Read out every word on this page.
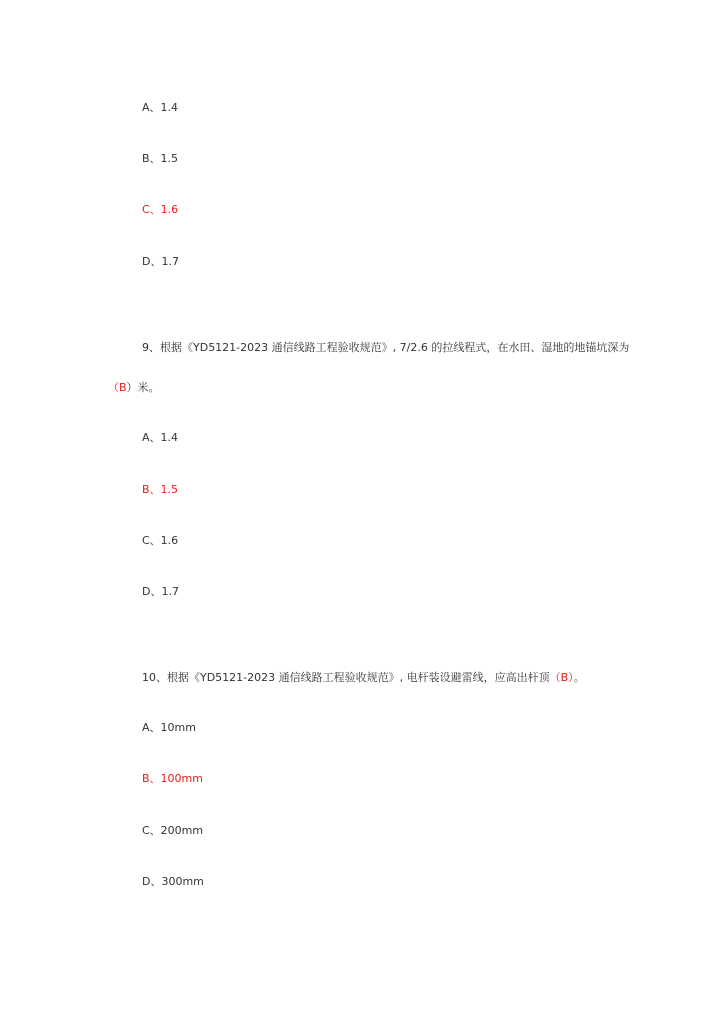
A、1.4
B、1.5
C、1.6
D、1.7
9、根据《YD5121-2023 通信线路工程验收规范》, 7/2.6 的拉线程式，在水田、湿地的地锚坑深为
（B）米。
A、1.4
B、1.5
C、1.6
D、1.7
10、根据《YD5121-2023 通信线路工程验收规范》, 电杆装设避雷线，应高出杆顶（B）。
A、10mm
B、100mm
C、200mm
D、300mm
